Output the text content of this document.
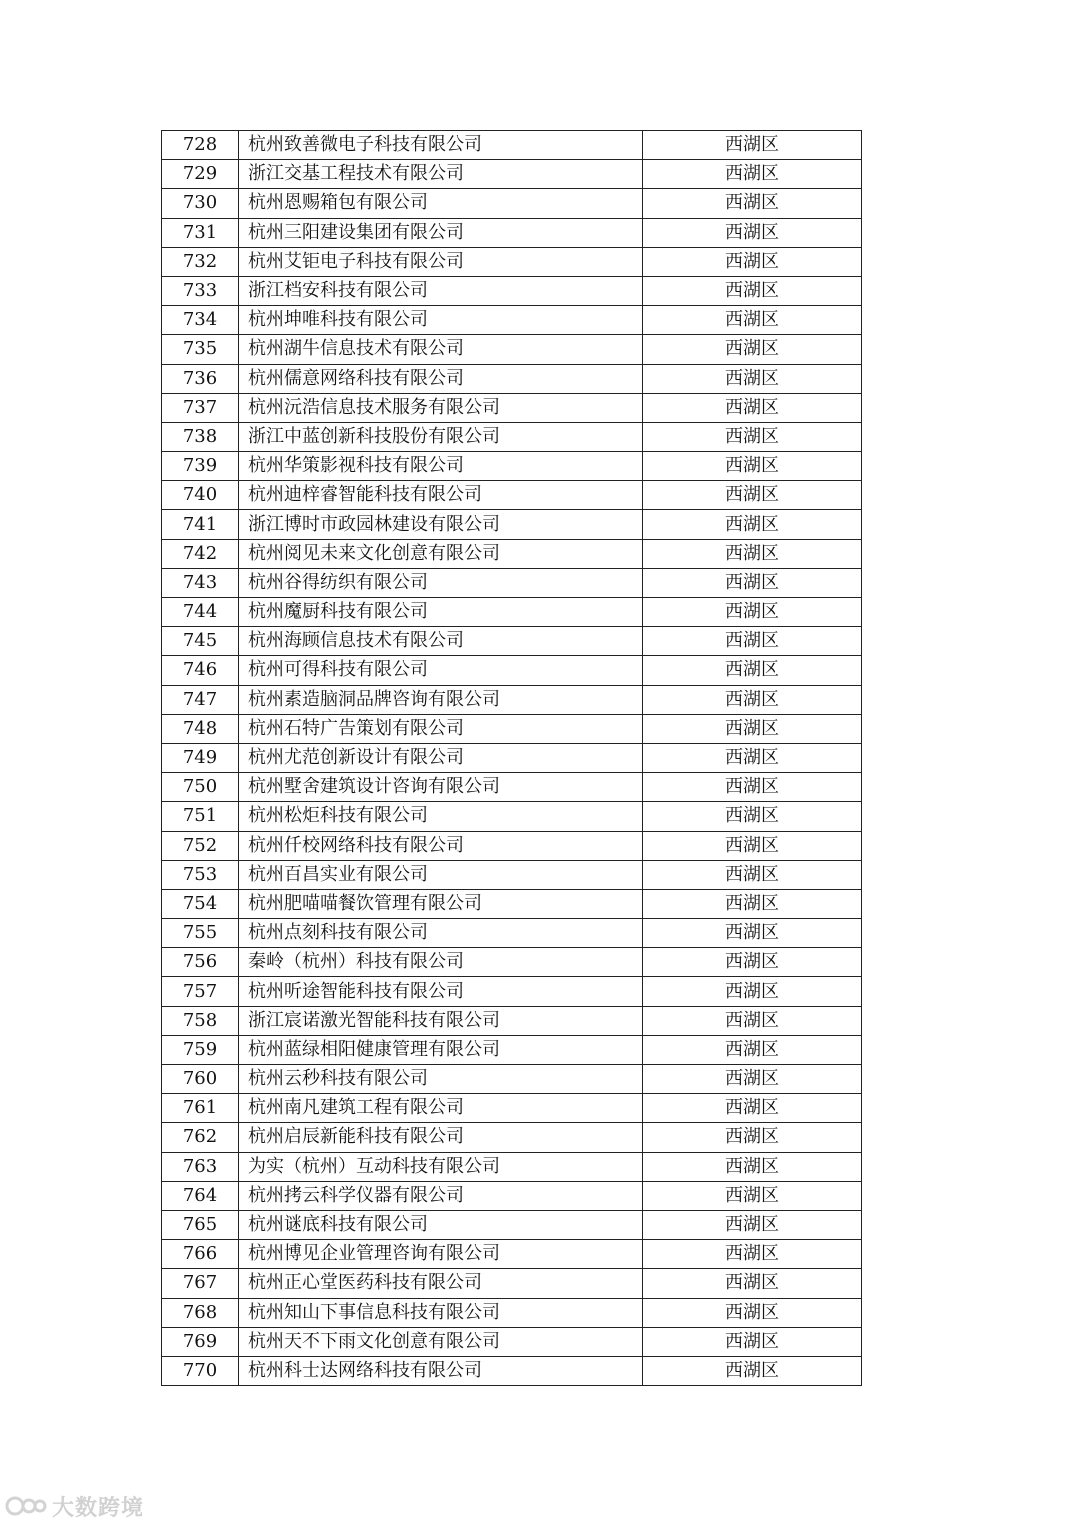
728	杭州致善微电子科技有限公司	西湖区
729	浙江交基工程技术有限公司	西湖区
730	杭州恩赐箱包有限公司	西湖区
731	杭州三阳建设集团有限公司	西湖区
732	杭州艾钜电子科技有限公司	西湖区
733	浙江档安科技有限公司	西湖区
734	杭州坤唯科技有限公司	西湖区
735	杭州湖牛信息技术有限公司	西湖区
736	杭州儒意网络科技有限公司	西湖区
737	杭州沅浩信息技术服务有限公司	西湖区
738	浙江中蓝创新科技股份有限公司	西湖区
739	杭州华策影视科技有限公司	西湖区
740	杭州迪梓睿智能科技有限公司	西湖区
741	浙江博时市政园林建设有限公司	西湖区
742	杭州阅见未来文化创意有限公司	西湖区
743	杭州谷得纺织有限公司	西湖区
744	杭州魔厨科技有限公司	西湖区
745	杭州海顾信息技术有限公司	西湖区
746	杭州可得科技有限公司	西湖区
747	杭州素造脑洞品牌咨询有限公司	西湖区
748	杭州石特广告策划有限公司	西湖区
749	杭州尤范创新设计有限公司	西湖区
750	杭州墅舍建筑设计咨询有限公司	西湖区
751	杭州松炬科技有限公司	西湖区
752	杭州仟校网络科技有限公司	西湖区
753	杭州百昌实业有限公司	西湖区
754	杭州肥喵喵餐饮管理有限公司	西湖区
755	杭州点刻科技有限公司	西湖区
756	秦岭（杭州）科技有限公司	西湖区
757	杭州听途智能科技有限公司	西湖区
758	浙江宸诺激光智能科技有限公司	西湖区
759	杭州蓝绿相阳健康管理有限公司	西湖区
760	杭州云秒科技有限公司	西湖区
761	杭州南凡建筑工程有限公司	西湖区
762	杭州启辰新能科技有限公司	西湖区
763	为实（杭州）互动科技有限公司	西湖区
764	杭州拷云科学仪器有限公司	西湖区
765	杭州谜底科技有限公司	西湖区
766	杭州博见企业管理咨询有限公司	西湖区
767	杭州正心堂医药科技有限公司	西湖区
768	杭州知山下事信息科技有限公司	西湖区
769	杭州天不下雨文化创意有限公司	西湖区
770	杭州科士达网络科技有限公司	西湖区
大数跨境
